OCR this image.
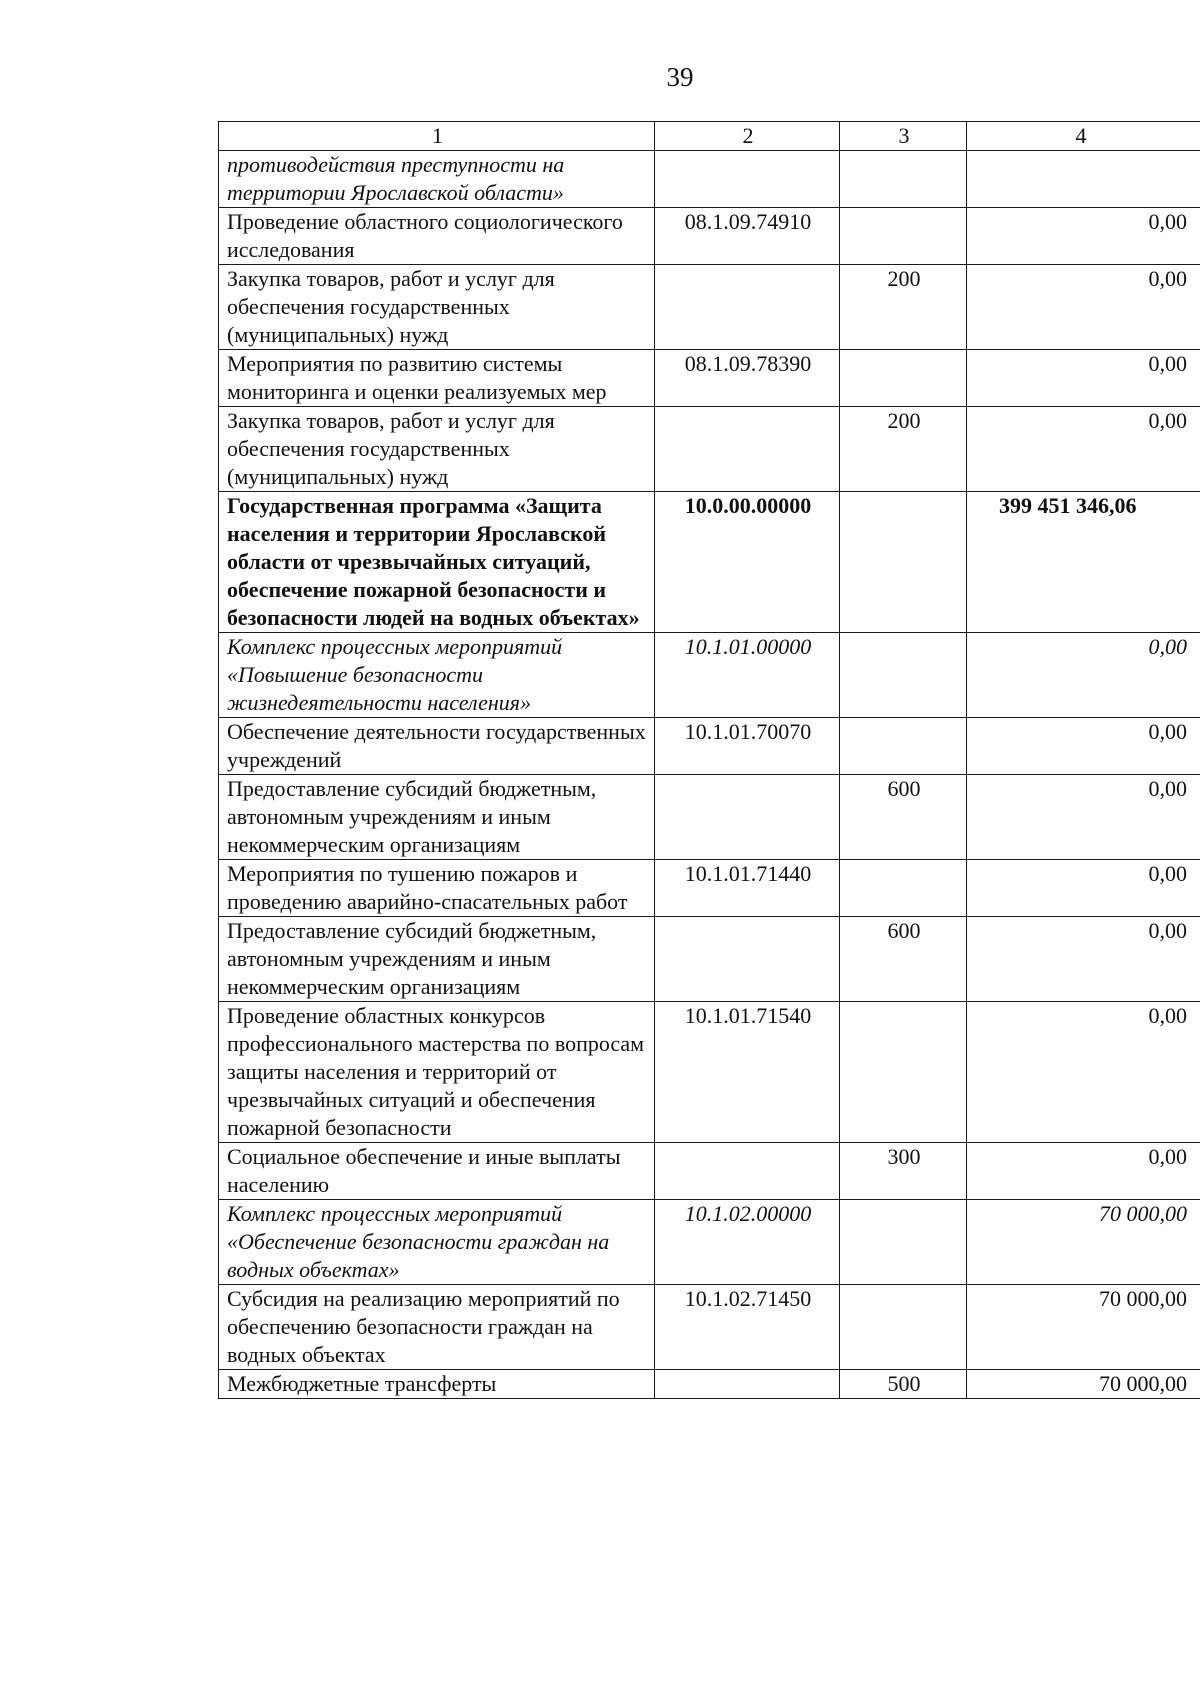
39
1	2	3	4
противодействия преступности на территории Ярославской области»			
Проведение областного социологического исследования	08.1.09.74910		0,00
Закупка товаров, работ и услуг для обеспечения государственных (муниципальных) нужд		200	0,00
Мероприятия по развитию системы мониторинга и оценки реализуемых мер	08.1.09.78390		0,00
Закупка товаров, работ и услуг для обеспечения государственных (муниципальных) нужд		200	0,00
Государственная программа «Защита населения и территории Ярославской области от чрезвычайных ситуаций, обеспечение пожарной безопасности и безопасности людей на водных объектах»	10.0.00.00000		399 451 346,06
Комплекс процессных мероприятий «Повышение безопасности жизнедеятельности населения»	10.1.01.00000		0,00
Обеспечение деятельности государственных учреждений	10.1.01.70070		0,00
Предоставление субсидий бюджетным, автономным учреждениям и иным некоммерческим организациям		600	0,00
Мероприятия по тушению пожаров и проведению аварийно-спасательных работ	10.1.01.71440		0,00
Предоставление субсидий бюджетным, автономным учреждениям и иным некоммерческим организациям		600	0,00
Проведение областных конкурсов профессионального мастерства по вопросам защиты населения и территорий от чрезвычайных ситуаций и обеспечения пожарной безопасности	10.1.01.71540		0,00
Социальное обеспечение и иные выплаты населению		300	0,00
Комплекс процессных мероприятий «Обеспечение безопасности граждан на водных объектах»	10.1.02.00000		70 000,00
Субсидия на реализацию мероприятий по обеспечению безопасности граждан на водных объектах	10.1.02.71450		70 000,00
Межбюджетные трансферты		500	70 000,00
